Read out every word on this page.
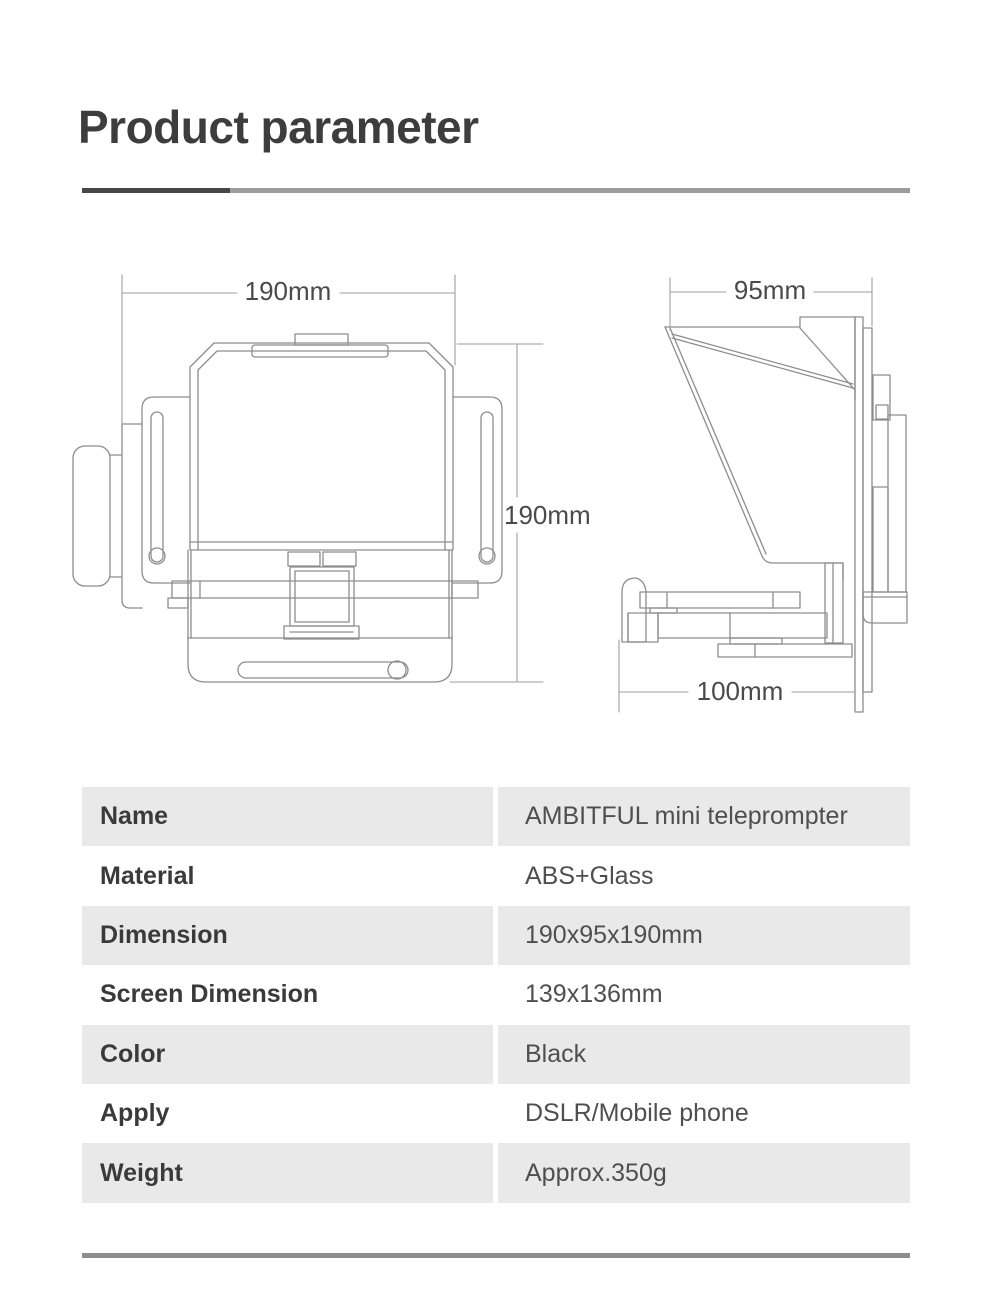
Product parameter
190mm
190mm
95mm
100mm
Name	AMBITFUL mini teleprompter
Material	ABS+Glass
Dimension	190x95x190mm
Screen Dimension	139x136mm
Color	Black
Apply	DSLR/Mobile phone
Weight	Approx.350g
